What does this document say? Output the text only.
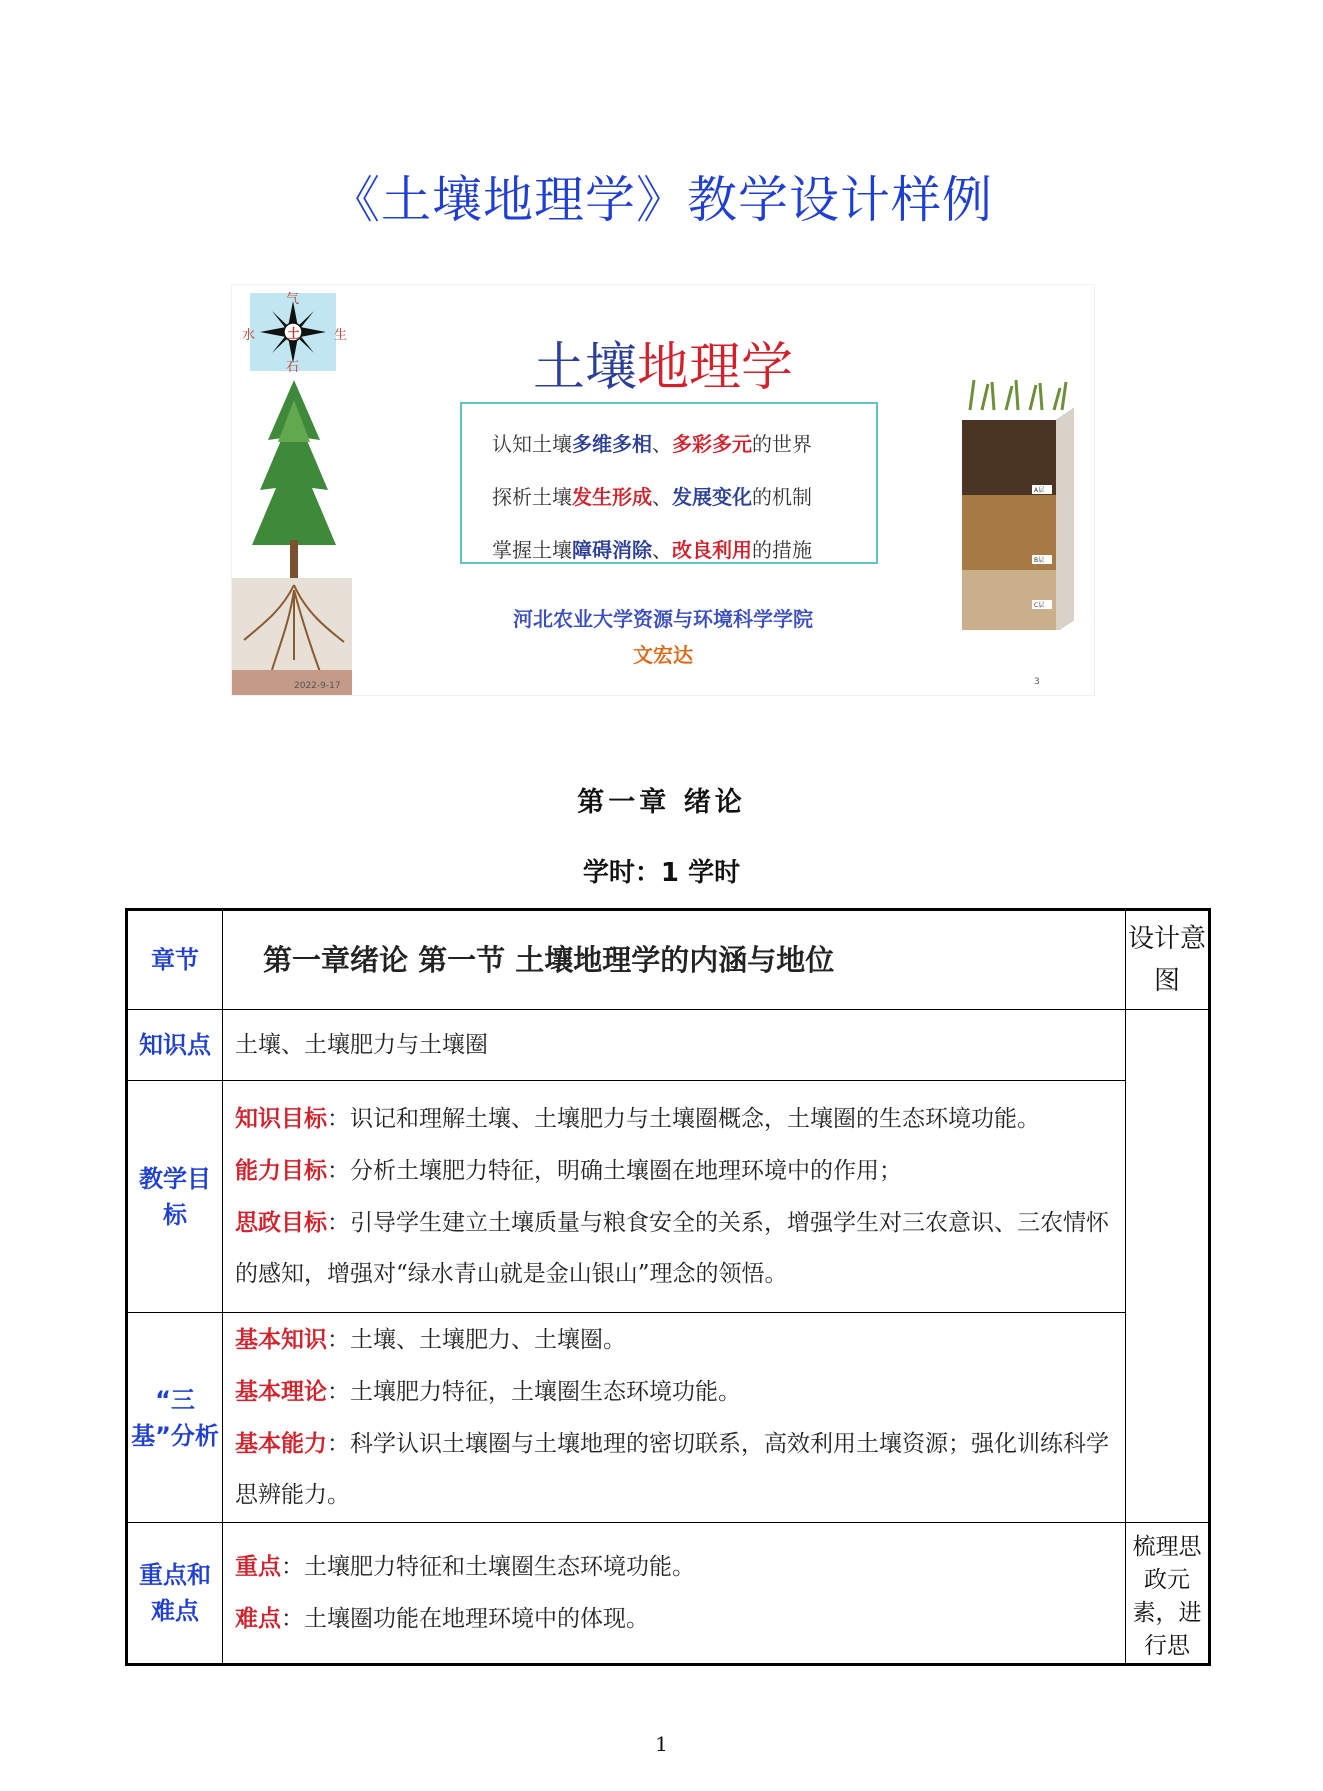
《土壤地理学》教学设计样例
气
水 土	生
石	土壤地理学
认知土壤多维多相、多彩多元的世界
探析土壤发生形成、发展变化的机制
掌握土壤障碍消除、改良利用的措施
河北农业大学资源与环境科学学院
文宏达
A层
B层
C层
2022-9-17	3
第一章 绪论
学时：1 学时
章节	第一章绪论 第一节 土壤地理学的内涵与地位	设计意图
知识点	土壤、土壤肥力与土壤圈	
教学目标	知识目标：识记和理解土壤、土壤肥力与土壤圈概念，土壤圈的生态环境功能。
能力目标：分析土壤肥力特征，明确土壤圈在地理环境中的作用；
思政目标：引导学生建立土壤质量与粮食安全的关系，增强学生对三农意识、三农情怀的感知，增强对“绿水青山就是金山银山”理念的领悟。	

“三基”分析	基本知识：土壤、土壤肥力、土壤圈。
基本理论：土壤肥力特征，土壤圈生态环境功能。
基本能力：科学认识土壤圈与土壤地理的密切联系，高效利用土壤资源；强化训练科学思辨能力。	

重点和难点	重点：土壤肥力特征和土壤圈生态环境功能。
难点：土壤圈功能在地理环境中的体现。	梳理思政元素，进行思
1
